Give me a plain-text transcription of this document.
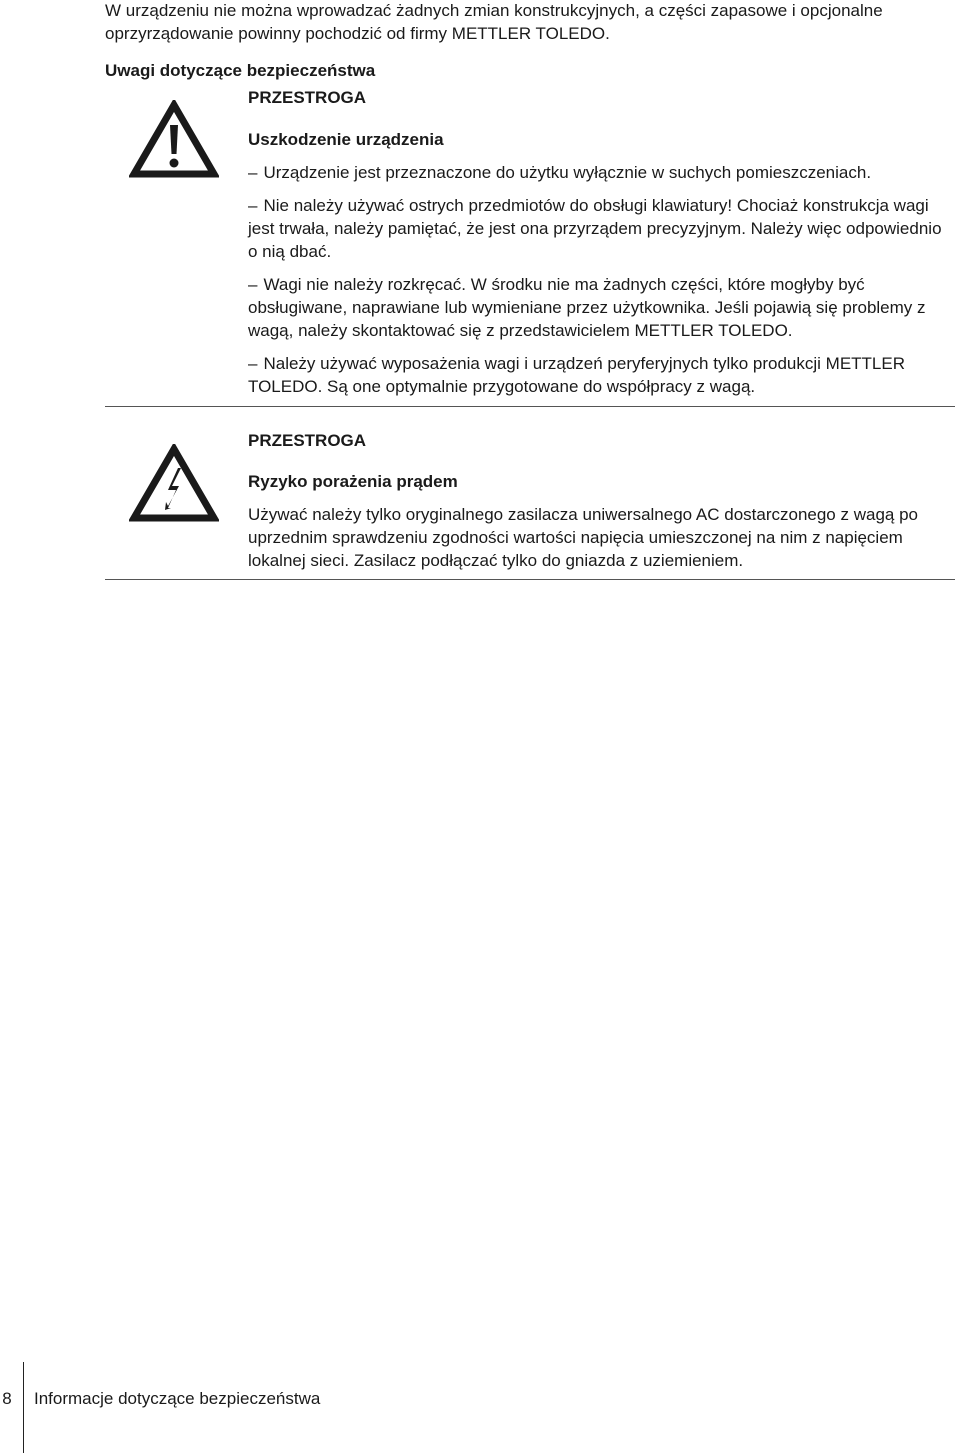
W urządzeniu nie można wprowadzać żadnych zmian konstrukcyjnych, a części zapasowe i opcjonalne oprzyrządowanie powinny pochodzić od firmy METTLER TOLEDO.

Uwagi dotyczące bezpieczeństwa

PRZESTROGA

Uszkodzenie urządzenia

– Urządzenie jest przeznaczone do użytku wyłącznie w suchych pomieszczeniach.

– Nie należy używać ostrych przedmiotów do obsługi klawiatury! Chociaż konstrukcja wagi jest trwała, należy pamiętać, że jest ona przyrządem precyzyjnym. Należy więc odpowiednio o nią dbać.

– Wagi nie należy rozkręcać. W środku nie ma żadnych części, które mogłyby być obsługiwane, naprawiane lub wymieniane przez użytkownika. Jeśli pojawią się problemy z wagą, należy skontaktować się z przedstawicielem METTLER TOLEDO.

– Należy używać wyposażenia wagi i urządzeń peryferyjnych tylko produkcji METTLER TOLEDO. Są one optymalnie przygotowane do współpracy z wagą.

PRZESTROGA

Ryzyko porażenia prądem

Używać należy tylko oryginalnego zasilacza uniwersalnego AC dostarczonego z wagą po uprzednim sprawdzeniu zgodności wartości napięcia umieszczonej na nim z napięciem lokalnej sieci. Zasilacz podłączać tylko do gniazda z uziemieniem.

8 Informacje dotyczące bezpieczeństwa
